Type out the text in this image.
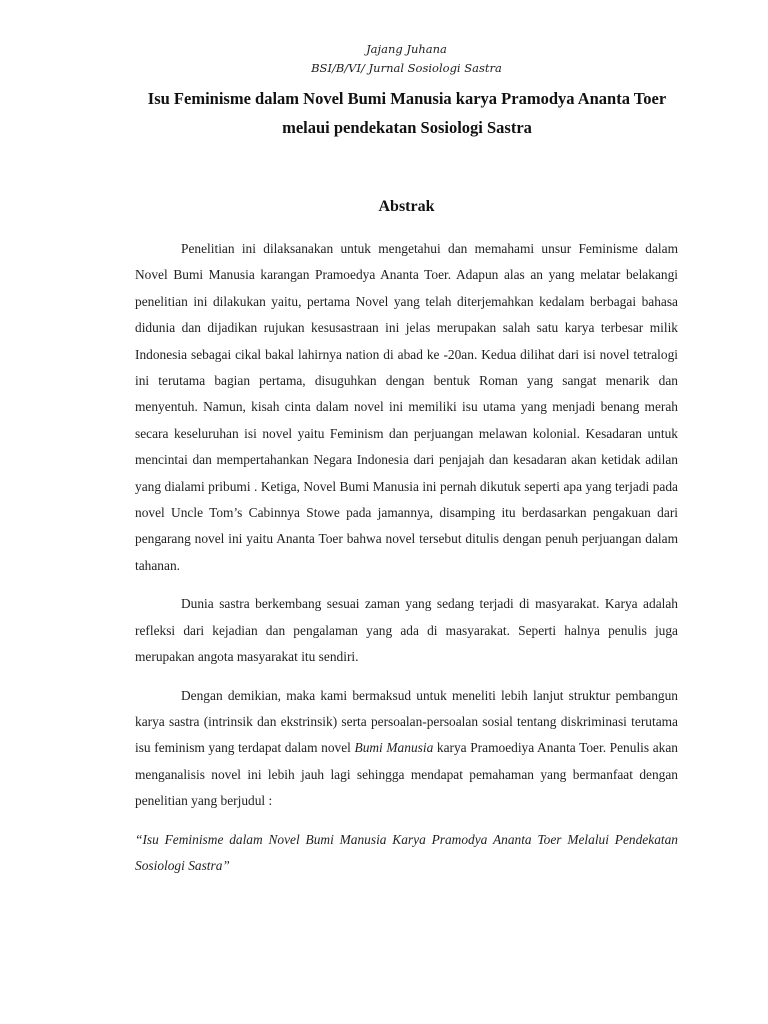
Jajang Juhana
BSI/B/VI/ Jurnal Sosiologi Sastra
Isu Feminisme dalam Novel Bumi Manusia karya Pramodya Ananta Toer
melaui pendekatan Sosiologi Sastra
Abstrak

Penelitian ini dilaksanakan untuk mengetahui dan memahami unsur Feminisme dalam Novel Bumi Manusia karangan Pramoedya Ananta Toer. Adapun alas an yang melatar belakangi penelitian ini dilakukan yaitu, pertama Novel yang telah diterjemahkan kedalam berbagai bahasa didunia dan dijadikan rujukan kesusastraan ini jelas merupakan salah satu karya terbesar milik Indonesia sebagai cikal bakal lahirnya nation di abad ke -20an. Kedua dilihat dari isi novel tetralogi ini terutama bagian pertama, disuguhkan dengan bentuk Roman yang sangat menarik dan menyentuh. Namun, kisah cinta dalam novel ini memiliki isu utama yang menjadi benang merah secara keseluruhan isi novel yaitu Feminism dan perjuangan melawan kolonial. Kesadaran untuk mencintai dan mempertahankan Negara Indonesia dari penjajah dan kesadaran akan ketidak adilan yang dialami pribumi . Ketiga, Novel Bumi Manusia ini pernah dikutuk seperti apa yang terjadi pada novel Uncle Tom’s Cabinnya Stowe pada jamannya, disamping itu berdasarkan pengakuan dari pengarang novel ini yaitu Ananta Toer bahwa novel tersebut ditulis dengan penuh perjuangan dalam tahanan.

Dunia sastra berkembang sesuai zaman yang sedang terjadi di masyarakat. Karya adalah refleksi dari kejadian dan pengalaman yang ada di masyarakat. Seperti halnya penulis juga merupakan angota masyarakat itu sendiri.

Dengan demikian, maka kami bermaksud untuk meneliti lebih lanjut struktur pembangun karya sastra (intrinsik dan ekstrinsik) serta persoalan-persoalan sosial tentang diskriminasi terutama isu feminism yang terdapat dalam novel Bumi Manusia karya Pramoediya Ananta Toer. Penulis akan menganalisis novel ini lebih jauh lagi sehingga mendapat pemahaman yang bermanfaat dengan penelitian yang berjudul :

“Isu Feminisme dalam Novel Bumi Manusia Karya Pramodya Ananta Toer Melalui Pendekatan Sosiologi Sastra”
